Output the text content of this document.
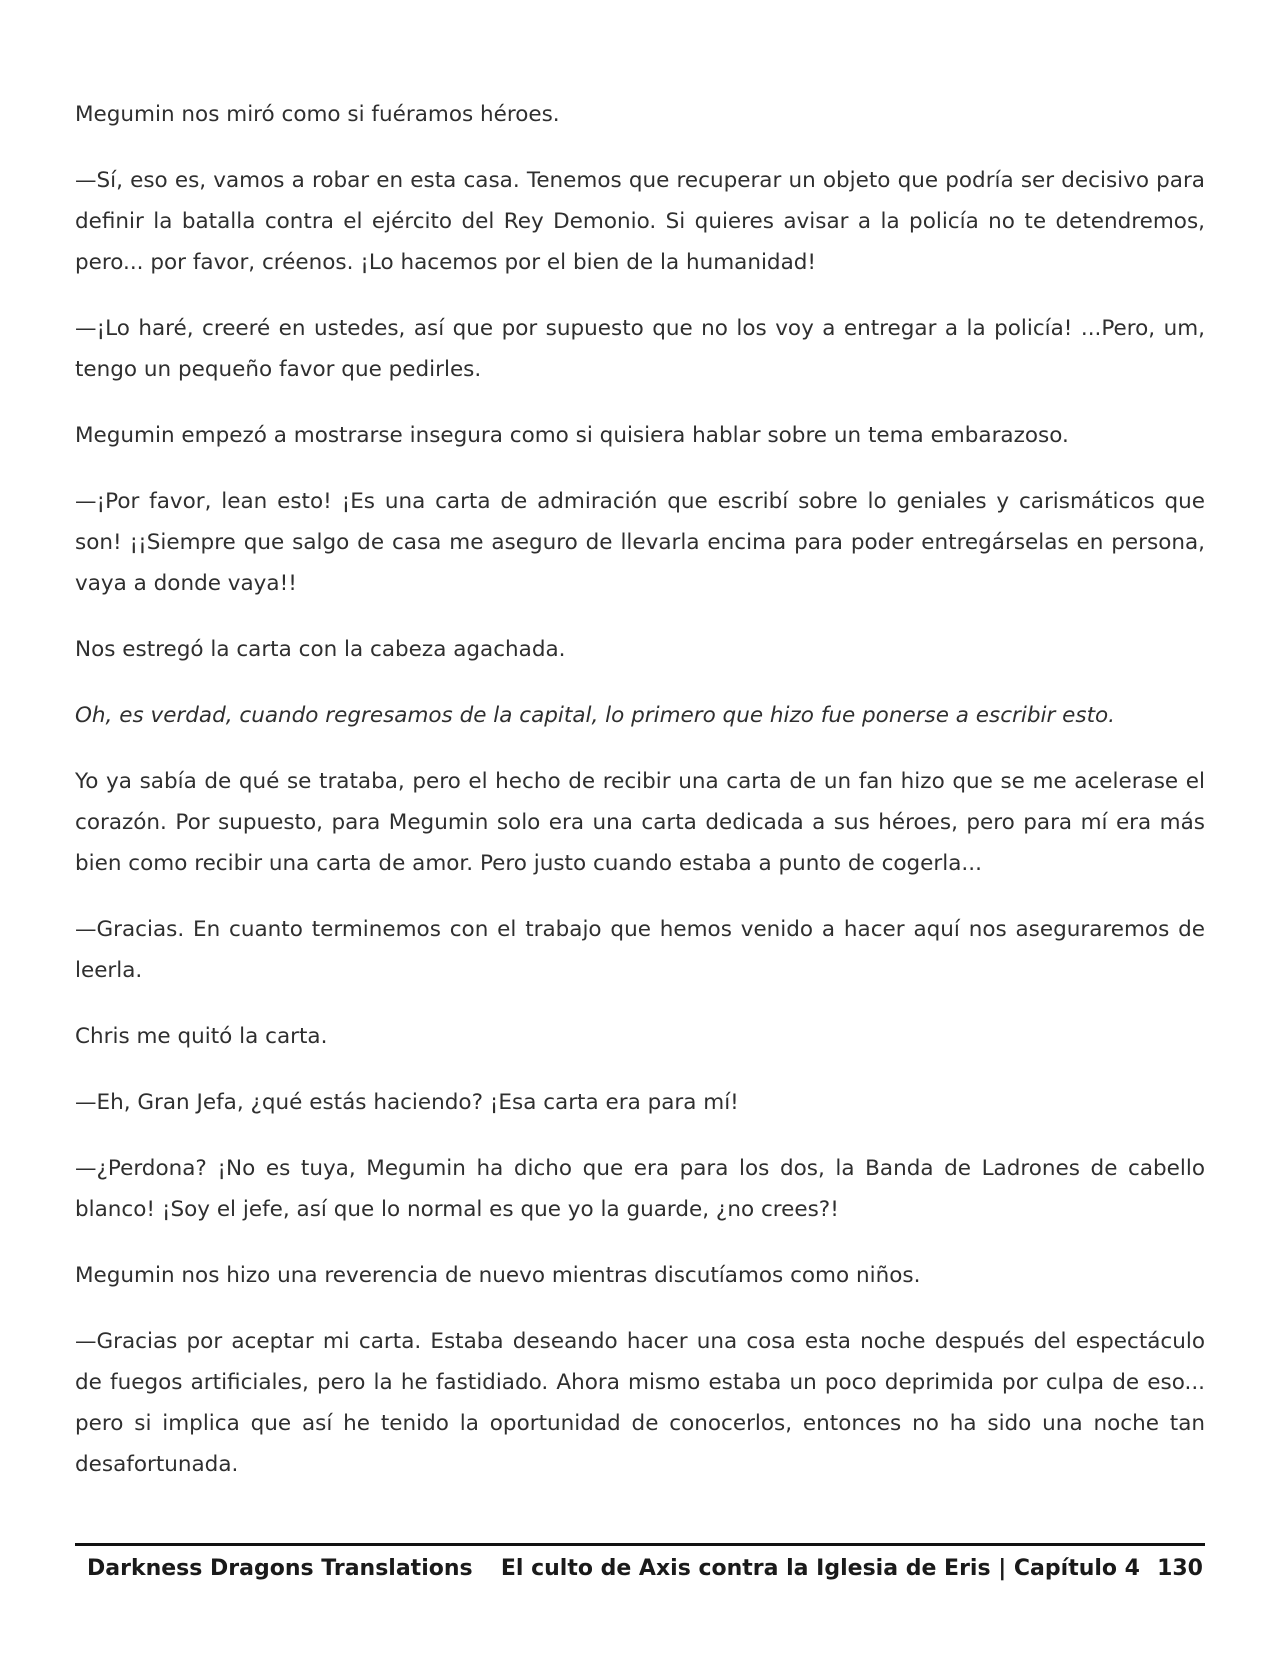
Megumin nos miró como si fuéramos héroes.

—Sí, eso es, vamos a robar en esta casa. Tenemos que recuperar un objeto que podría ser decisivo para definir la batalla contra el ejército del Rey Demonio. Si quieres avisar a la policía no te detendremos, pero... por favor, créenos. ¡Lo hacemos por el bien de la humanidad!

—¡Lo haré, creeré en ustedes, así que por supuesto que no los voy a entregar a la policía! ...Pero, um, tengo un pequeño favor que pedirles.

Megumin empezó a mostrarse insegura como si quisiera hablar sobre un tema embarazoso.

—¡Por favor, lean esto! ¡Es una carta de admiración que escribí sobre lo geniales y carismáticos que son! ¡¡Siempre que salgo de casa me aseguro de llevarla encima para poder entregárselas en persona, vaya a donde vaya!!

Nos estregó la carta con la cabeza agachada.

Oh, es verdad, cuando regresamos de la capital, lo primero que hizo fue ponerse a escribir esto.

Yo ya sabía de qué se trataba, pero el hecho de recibir una carta de un fan hizo que se me acelerase el corazón. Por supuesto, para Megumin solo era una carta dedicada a sus héroes, pero para mí era más bien como recibir una carta de amor. Pero justo cuando estaba a punto de cogerla...

—Gracias. En cuanto terminemos con el trabajo que hemos venido a hacer aquí nos aseguraremos de leerla.

Chris me quitó la carta.

—Eh, Gran Jefa, ¿qué estás haciendo? ¡Esa carta era para mí!

—¿Perdona? ¡No es tuya, Megumin ha dicho que era para los dos, la Banda de Ladrones de cabello blanco! ¡Soy el jefe, así que lo normal es que yo la guarde, ¿no crees?!

Megumin nos hizo una reverencia de nuevo mientras discutíamos como niños.

—Gracias por aceptar mi carta. Estaba deseando hacer una cosa esta noche después del espectáculo de fuegos artificiales, pero la he fastidiado. Ahora mismo estaba un poco deprimida por culpa de eso... pero si implica que así he tenido la oportunidad de conocerlos, entonces no ha sido una noche tan desafortunada.

Darkness Dragons Translations El culto de Axis contra la Iglesia de Eris | Capítulo 4 130
